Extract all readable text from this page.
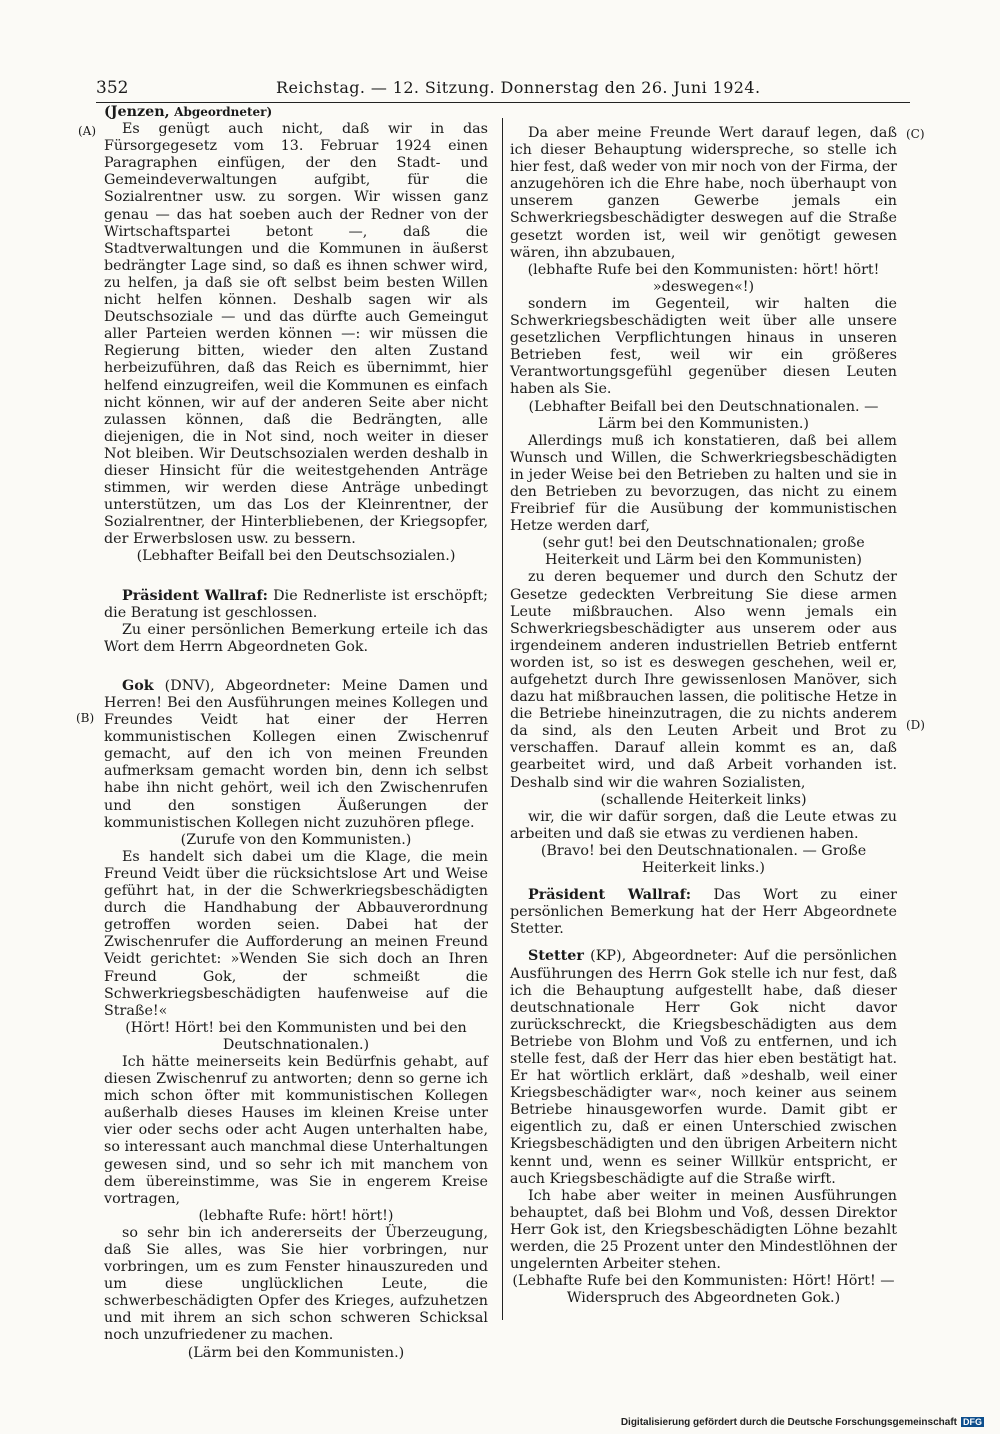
352	Reichstag. — 12. Sitzung. Donnerstag den 26. Juni 1924.
(A)
(B)
(C)
(D)

(Jenzen, Abgeordneter)

Es genügt auch nicht, daß wir in das Fürsorgegesetz vom 13. Februar 1924 einen Paragraphen einfügen, der den Stadt- und Gemeindeverwaltungen aufgibt, für die Sozialrentner usw. zu sorgen. Wir wissen ganz genau — das hat soeben auch der Redner von der Wirtschaftspartei betont —, daß die Stadtverwaltungen und die Kommunen in äußerst bedrängter Lage sind, so daß es ihnen schwer wird, zu helfen, ja daß sie oft selbst beim besten Willen nicht helfen können. Deshalb sagen wir als Deutschsoziale — und das dürfte auch Gemeingut aller Parteien werden können —: wir müssen die Regierung bitten, wieder den alten Zustand herbeizuführen, daß das Reich es übernimmt, hier helfend einzugreifen, weil die Kommunen es einfach nicht können, wir auf der anderen Seite aber nicht zulassen können, daß die Bedrängten, alle diejenigen, die in Not sind, noch weiter in dieser Not bleiben. Wir Deutschsozialen werden deshalb in dieser Hinsicht für die weitestgehenden Anträge stimmen, wir werden diese Anträge unbedingt unterstützen, um das Los der Kleinrentner, der Sozialrentner, der Hinterbliebenen, der Kriegsopfer, der Erwerbslosen usw. zu bessern.

(Lebhafter Beifall bei den Deutschsozialen.)

Präsident Wallraf: Die Rednerliste ist erschöpft; die Beratung ist geschlossen.

Zu einer persönlichen Bemerkung erteile ich das Wort dem Herrn Abgeordneten Gok.

Gok (DNV), Abgeordneter: Meine Damen und Herren! Bei den Ausführungen meines Kollegen und Freundes Veidt hat einer der Herren kommunistischen Kollegen einen Zwischenruf gemacht, auf den ich von meinen Freunden aufmerksam gemacht worden bin, denn ich selbst habe ihn nicht gehört, weil ich den Zwischenrufen und den sonstigen Äußerungen der kommunistischen Kollegen nicht zuzuhören pflege.

(Zurufe von den Kommunisten.)

Es handelt sich dabei um die Klage, die mein Freund Veidt über die rücksichtslose Art und Weise geführt hat, in der die Schwerkriegsbeschädigten durch die Handhabung der Abbauverordnung getroffen worden seien. Dabei hat der Zwischenrufer die Aufforderung an meinen Freund Veidt gerichtet: »Wenden Sie sich doch an Ihren Freund Gok, der schmeißt die Schwerkriegsbeschädigten haufenweise auf die Straße!«

(Hört! Hört! bei den Kommunisten und bei den Deutschnationalen.)

Ich hätte meinerseits kein Bedürfnis gehabt, auf diesen Zwischenruf zu antworten; denn so gerne ich mich schon öfter mit kommunistischen Kollegen außerhalb dieses Hauses im kleinen Kreise unter vier oder sechs oder acht Augen unterhalten habe, so interessant auch manchmal diese Unterhaltungen gewesen sind, und so sehr ich mit manchem von dem übereinstimme, was Sie in engerem Kreise vortragen,

(lebhafte Rufe: hört! hört!)

so sehr bin ich andererseits der Überzeugung, daß Sie alles, was Sie hier vorbringen, nur vorbringen, um es zum Fenster hinauszureden und um diese unglücklichen Leute, die schwerbeschädigten Opfer des Krieges, aufzuhetzen und mit ihrem an sich schon schweren Schicksal noch unzufriedener zu machen.

(Lärm bei den Kommunisten.)

Da aber meine Freunde Wert darauf legen, daß ich dieser Behauptung widerspreche, so stelle ich hier fest, daß weder von mir noch von der Firma, der anzugehören ich die Ehre habe, noch überhaupt von unserem ganzen Gewerbe jemals ein Schwerkriegsbeschädigter deswegen auf die Straße gesetzt worden ist, weil wir genötigt gewesen wären, ihn abzubauen,

(lebhafte Rufe bei den Kommunisten: hört! hört! »deswegen«!)

sondern im Gegenteil, wir halten die Schwerkriegsbeschädigten weit über alle unsere gesetzlichen Verpflichtungen hinaus in unseren Betrieben fest, weil wir ein größeres Verantwortungsgefühl gegenüber diesen Leuten haben als Sie.

(Lebhafter Beifall bei den Deutschnationalen. — Lärm bei den Kommunisten.)

Allerdings muß ich konstatieren, daß bei allem Wunsch und Willen, die Schwerkriegsbeschädigten in jeder Weise bei den Betrieben zu halten und sie in den Betrieben zu bevorzugen, das nicht zu einem Freibrief für die Ausübung der kommunistischen Hetze werden darf,

(sehr gut! bei den Deutschnationalen; große Heiterkeit und Lärm bei den Kommunisten)

zu deren bequemer und durch den Schutz der Gesetze gedeckten Verbreitung Sie diese armen Leute mißbrauchen. Also wenn jemals ein Schwerkriegsbeschädigter aus unserem oder aus irgendeinem anderen industriellen Betrieb entfernt worden ist, so ist es deswegen geschehen, weil er, aufgehetzt durch Ihre gewissenlosen Manöver, sich dazu hat mißbrauchen lassen, die politische Hetze in die Betriebe hineinzutragen, die zu nichts anderem da sind, als den Leuten Arbeit und Brot zu verschaffen. Darauf allein kommt es an, daß gearbeitet wird, und daß Arbeit vorhanden ist. Deshalb sind wir die wahren Sozialisten,

(schallende Heiterkeit links)

wir, die wir dafür sorgen, daß die Leute etwas zu arbeiten und daß sie etwas zu verdienen haben.

(Bravo! bei den Deutschnationalen. — Große Heiterkeit links.)

Präsident Wallraf: Das Wort zu einer persönlichen Bemerkung hat der Herr Abgeordnete Stetter.

Stetter (KP), Abgeordneter: Auf die persönlichen Ausführungen des Herrn Gok stelle ich nur fest, daß ich die Behauptung aufgestellt habe, daß dieser deutschnationale Herr Gok nicht davor zurückschreckt, die Kriegsbeschädigten aus dem Betriebe von Blohm und Voß zu entfernen, und ich stelle fest, daß der Herr das hier eben bestätigt hat. Er hat wörtlich erklärt, daß »deshalb, weil einer Kriegsbeschädigter war«, noch keiner aus seinem Betriebe hinausgeworfen wurde. Damit gibt er eigentlich zu, daß er einen Unterschied zwischen Kriegsbeschädigten und den übrigen Arbeitern nicht kennt und, wenn es seiner Willkür entspricht, er auch Kriegsbeschädigte auf die Straße wirft.

Ich habe aber weiter in meinen Ausführungen behauptet, daß bei Blohm und Voß, dessen Direktor Herr Gok ist, den Kriegsbeschädigten Löhne bezahlt werden, die 25 Prozent unter den Mindestlöhnen der ungelernten Arbeiter stehen.

(Lebhafte Rufe bei den Kommunisten: Hört! Hört! — Widerspruch des Abgeordneten Gok.)

Digitalisierung gefördert durch die Deutsche Forschungsgemeinschaft DFG
